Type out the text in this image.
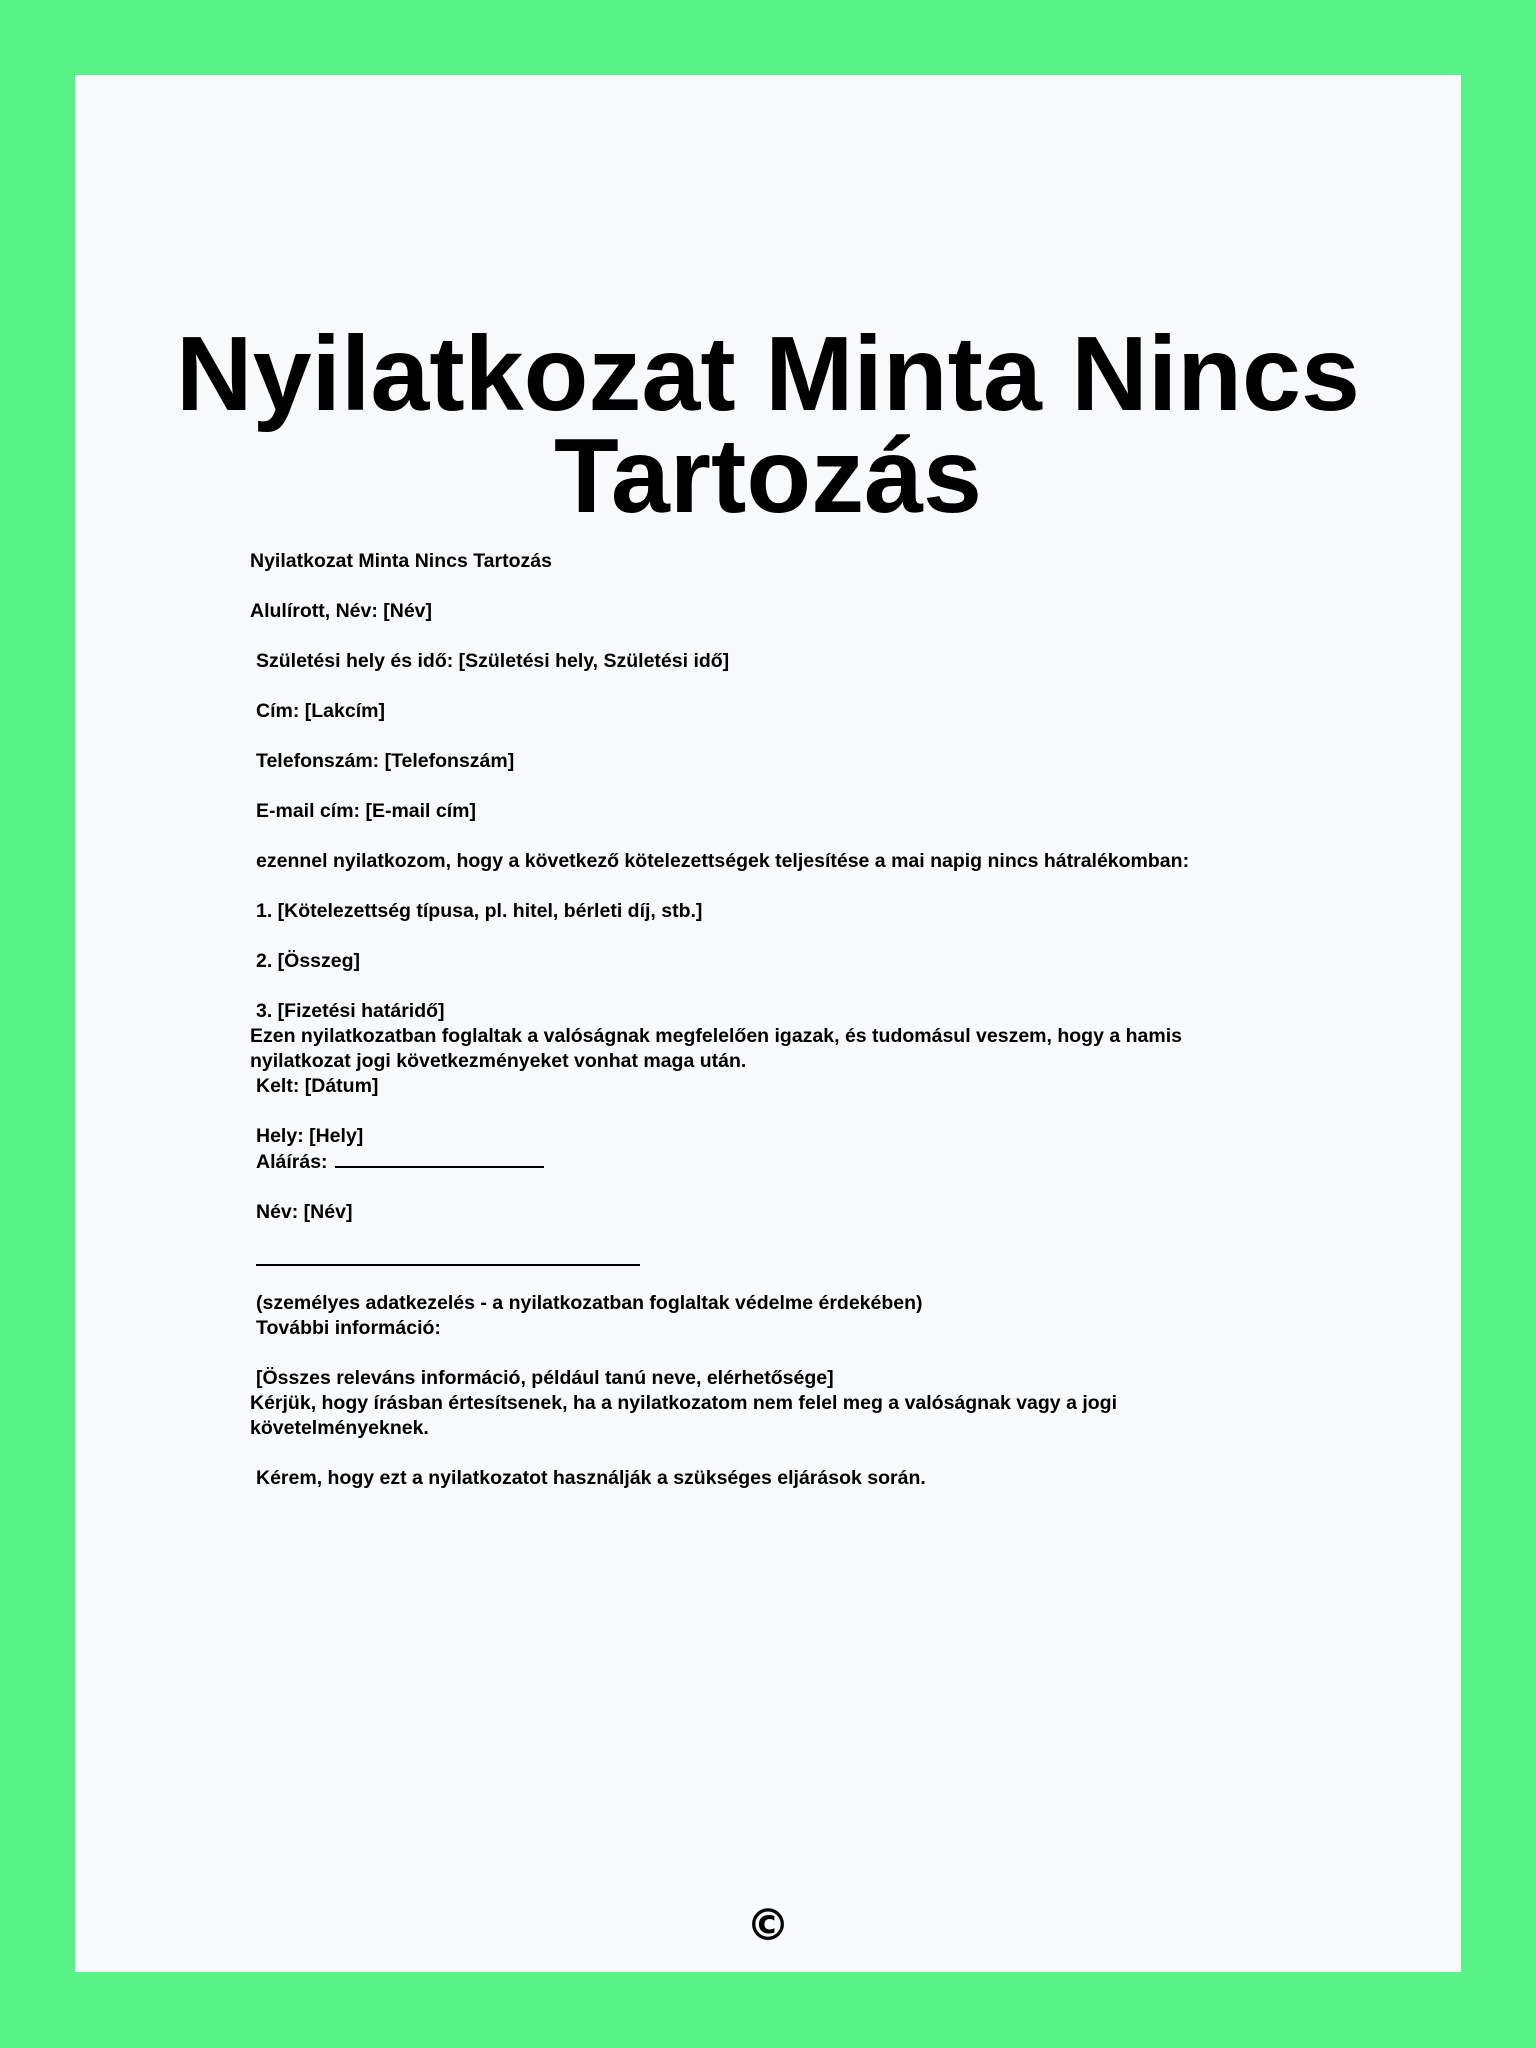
Nyilatkozat Minta Nincs Tartozás
Nyilatkozat Minta Nincs Tartozás
Alulírott, Név: [Név]
Születési hely és idő: [Születési hely, Születési idő]
Cím: [Lakcím]
Telefonszám: [Telefonszám]
E-mail cím: [E-mail cím]
ezennel nyilatkozom, hogy a következő kötelezettségek teljesítése a mai napig nincs hátralékomban:
1. [Kötelezettség típusa, pl. hitel, bérleti díj, stb.]
2. [Összeg]
3. [Fizetési határidő]
Ezen nyilatkozatban foglaltak a valóságnak megfelelően igazak, és tudomásul veszem, hogy a hamis nyilatkozat jogi következményeket vonhat maga után.
Kelt: [Dátum]
Hely: [Hely]
Aláírás:
Név: [Név]
(személyes adatkezelés - a nyilatkozatban foglaltak védelme érdekében)
További információ:
[Összes releváns információ, például tanú neve, elérhetősége]
Kérjük, hogy írásban értesítsenek, ha a nyilatkozatom nem felel meg a valóságnak vagy a jogi követelményeknek.
Kérem, hogy ezt a nyilatkozatot használják a szükséges eljárások során.
©
